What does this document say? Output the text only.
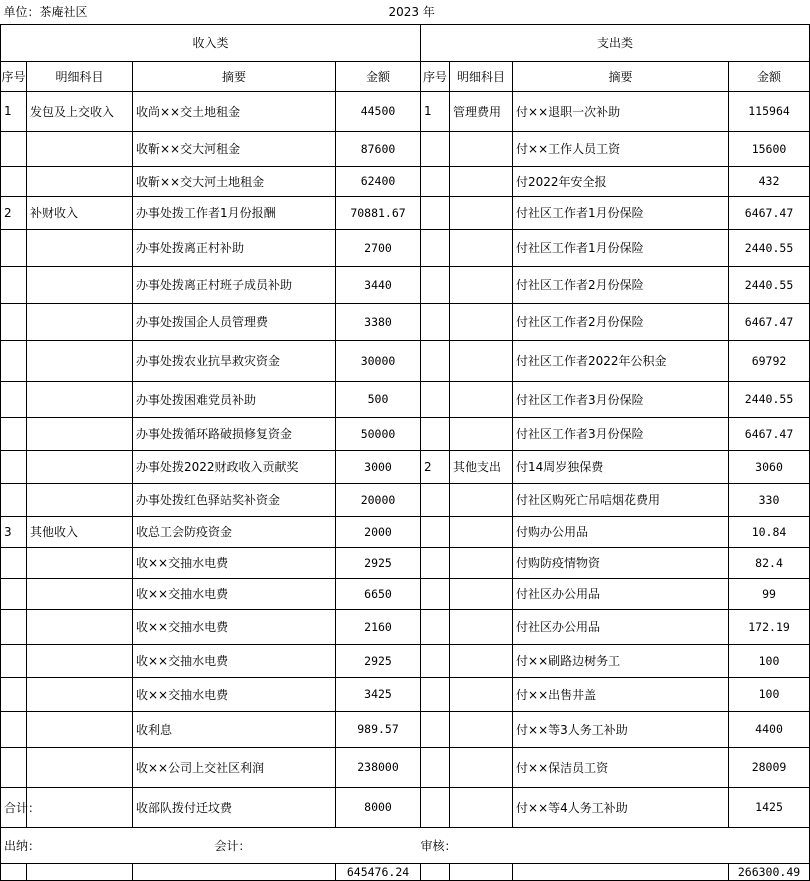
单位：茶庵社区			2023 年				
收入类				支出类			
序号	明细科目	摘要	金额	序号	明细科目	摘要	金额
1	发包及上交收入	收尚××交土地租金	44500	1	管理费用	付××退职一次补助	115964
		收靳××交大河租金	87600			付××工作人员工资	15600
		收靳××交大河土地租金	62400			付2022年安全报	432
2	补财收入	办事处拨工作者1月份报酬	70881.67			付社区工作者1月份保险	6467.47
		办事处拨离正村补助	2700			付社区工作者1月份保险	2440.55
		办事处拨离正村班子成员补助	3440			付社区工作者2月份保险	2440.55
		办事处拨国企人员管理费	3380			付社区工作者2月份保险	6467.47
		办事处拨农业抗旱救灾资金	30000			付社区工作者2022年公积金	69792
		办事处拨困难党员补助	500			付社区工作者3月份保险	2440.55
		办事处拨循环路破损修复资金	50000			付社区工作者3月份保险	6467.47
		办事处拨2022财政收入贡献奖	3000	2	其他支出	付14周岁独保费	3060
		办事处拨红色驿站奖补资金	20000			付社区购死亡吊唁烟花费用	330
3	其他收入	收总工会防疫资金	2000			付购办公用品	10.84
		收××交抽水电费	2925			付购防疫情物资	82.4
		收××交抽水电费	6650			付社区办公用品	99
		收××交抽水电费	2160			付社区办公用品	172.19
		收××交抽水电费	2925			付××刷路边树务工	100
		收××交抽水电费	3425			付××出售井盖	100
		收利息	989.57			付××等3人务工补助	4400
		收××公司上交社区利润	238000			付××保洁员工资	28009
合计：		收部队拨付迁坟费	8000			付××等4人务工补助	1425
出纳：		会计：		审核：			
			645476.24				266300.49
